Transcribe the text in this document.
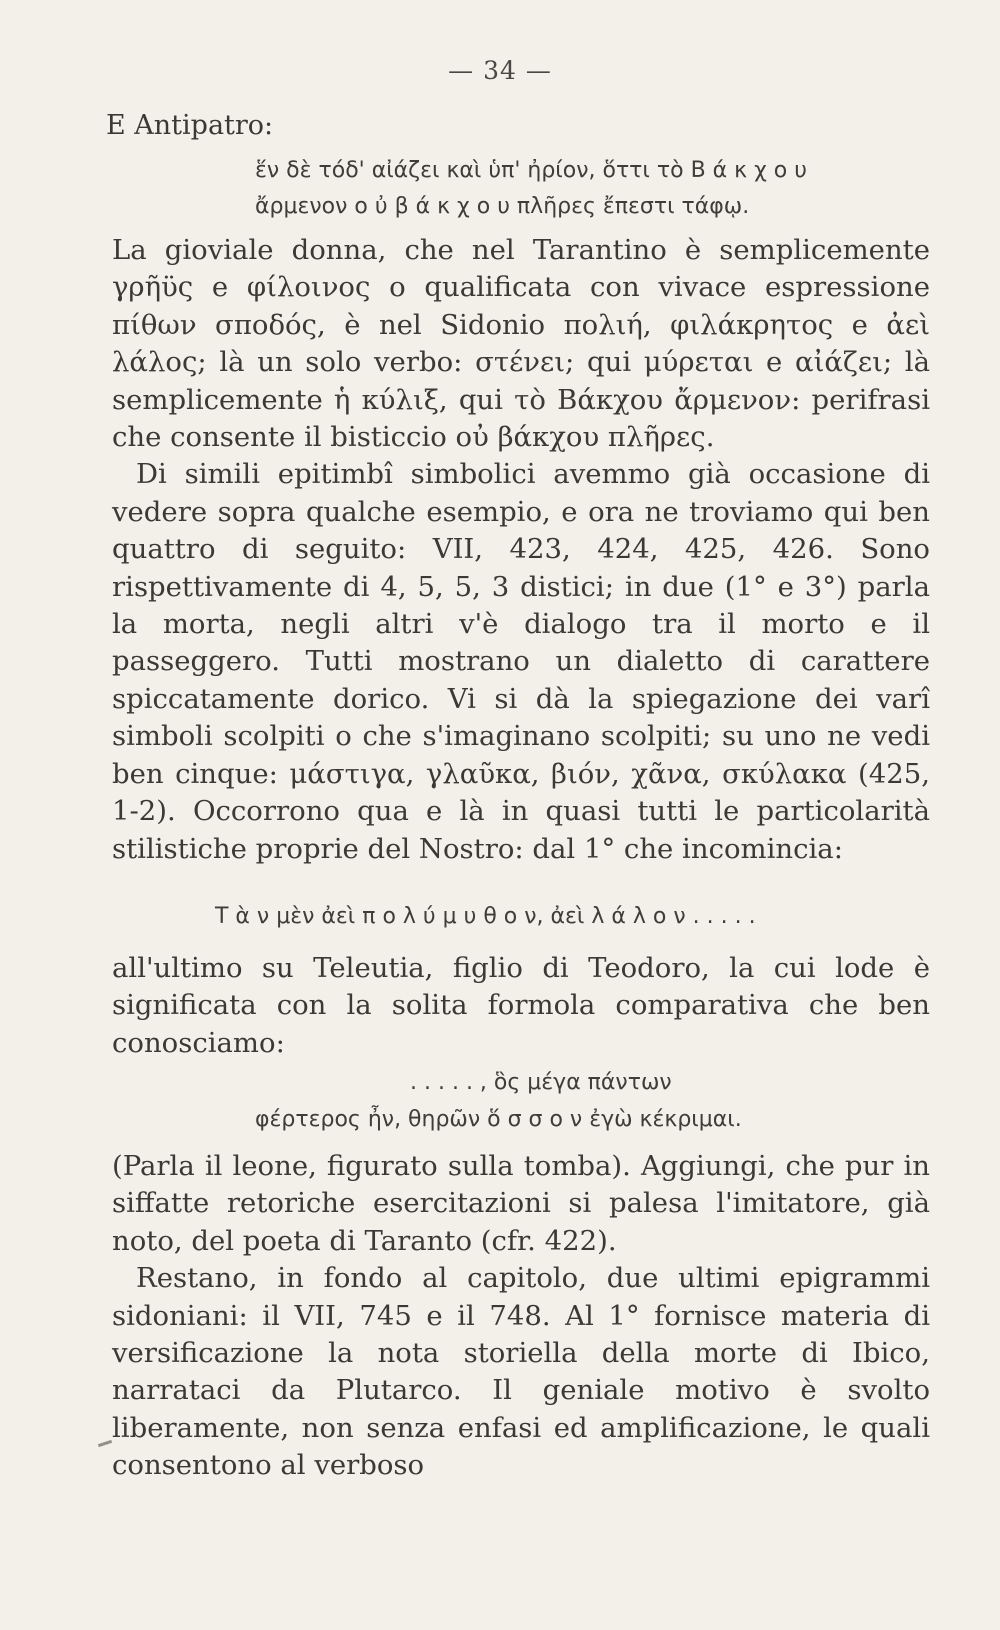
— 34 —
E Antipatro:
ἕν δὲ τόδ' αἰάζει καὶ ὑπ' ἠρίον, ὅττι τὸ Β ά κ χ ο υ
ἄρμενον ο ὐ β ά κ χ ο υ πλῆρες ἔπεστι τάφῳ.

La gioviale donna, che nel Tarantino è semplicemente γρῆϋς e φίλοινος o qualificata con vivace espressione πίθων σποδός, è nel Sidonio πολιή, φιλάκρητος e ἀεὶ λάλος; là un solo verbo: στένει; qui μύρεται e αἰάζει; là semplicemente ἡ κύλιξ, qui τὸ Βάκχου ἄρμενον: perifrasi che consente il bisticcio οὐ βάκχου πλῆρες.

Di simili epitimbî simbolici avemmo già occasione di vedere sopra qualche esempio, e ora ne troviamo qui ben quattro di seguito: VII, 423, 424, 425, 426. Sono rispettivamente di 4, 5, 5, 3 distici; in due (1° e 3°) parla la morta, negli altri v'è dialogo tra il morto e il passeggero. Tutti mostrano un dialetto di carattere spiccatamente dorico. Vi si dà la spiegazione dei varî simboli scolpiti o che s'imaginano scolpiti; su uno ne vedi ben cinque: μάστιγα, γλαῦκα, βιόν, χᾶνα, σκύλακα (425, 1-2). Occorrono qua e là in quasi tutti le particolarità stilistiche proprie del Nostro: dal 1° che incomincia:

Τ ὰ ν μὲν ἀεὶ π ο λ ύ μ υ θ ο ν, ἀεὶ λ ά λ ο ν . . . . .

all'ultimo su Teleutia, figlio di Teodoro, la cui lode è significata con la solita formola comparativa che ben conosciamo:

. . . . . , ὃς μέγα πάντων
φέρτερος ἦν, θηρῶν ὅ σ σ ο ν ἐγὼ κέκριμαι.

(Parla il leone, figurato sulla tomba). Aggiungi, che pur in siffatte retoriche esercitazioni si palesa l'imitatore, già noto, del poeta di Taranto (cfr. 422).

Restano, in fondo al capitolo, due ultimi epigrammi sidoniani: il VII, 745 e il 748. Al 1° fornisce materia di versificazione la nota storiella della morte di Ibico, narrataci da Plutarco. Il geniale motivo è svolto liberamente, non senza enfasi ed amplificazione, le quali consentono al verboso
